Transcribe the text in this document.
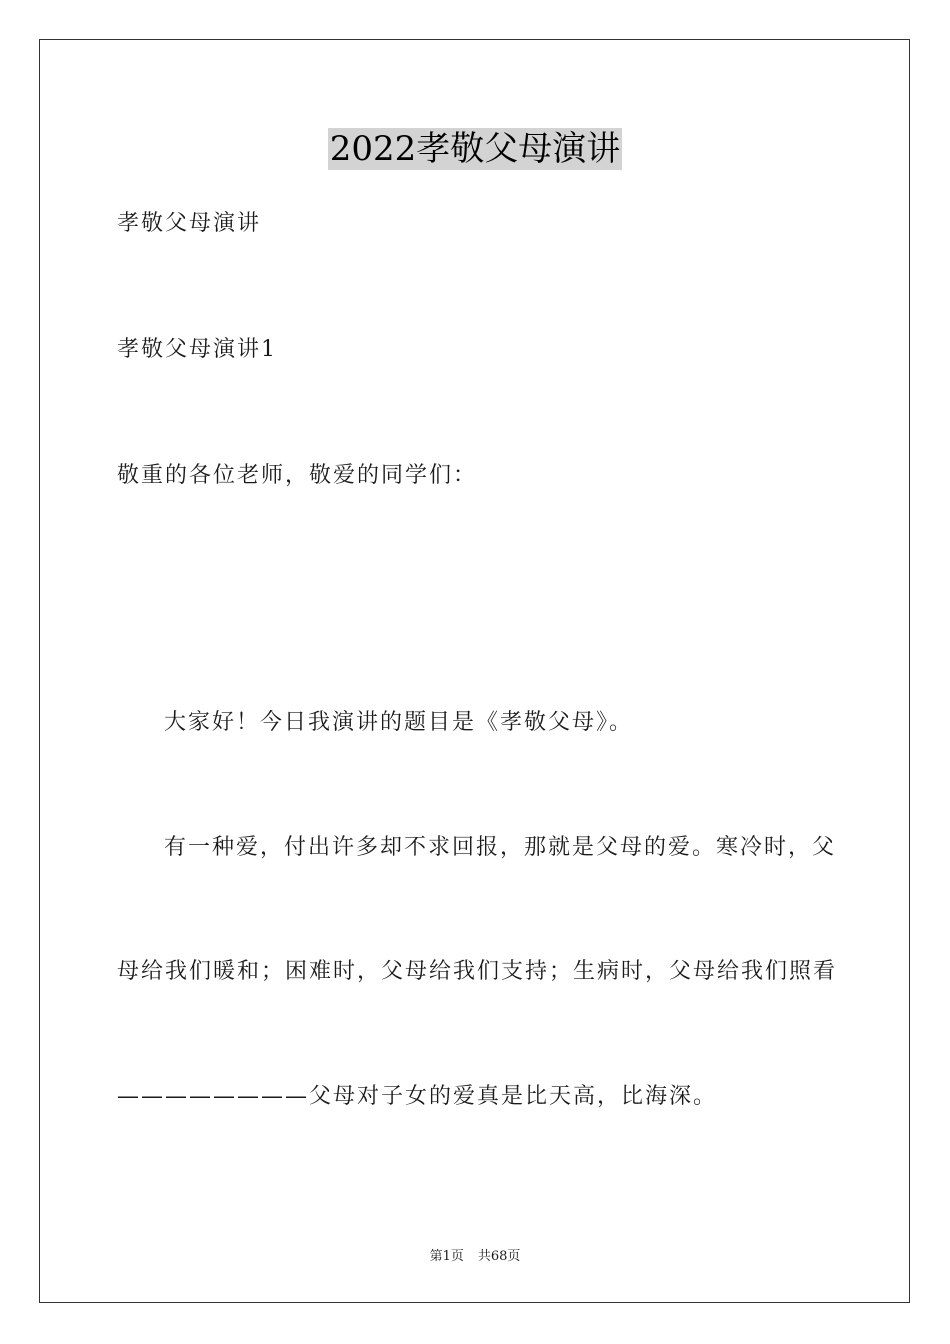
2022孝敬父母演讲
孝敬父母演讲
孝敬父母演讲1
敬重的各位老师，敬爱的同学们：
大家好！今日我演讲的题目是《孝敬父母》。
有一种爱，付出许多却不求回报，那就是父母的爱。寒冷时，父
母给我们暖和；困难时，父母给我们支持；生病时，父母给我们照看
————————父母对子女的爱真是比天高，比海深。
第1页 共68页
